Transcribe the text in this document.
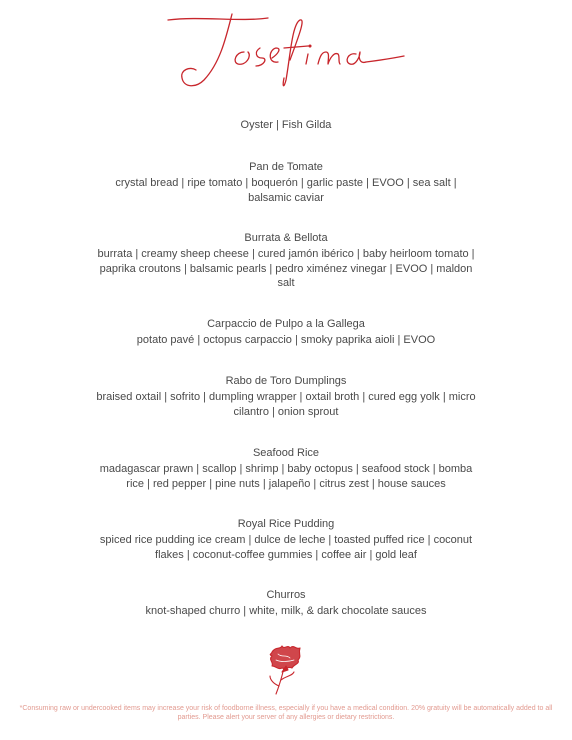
Oyster | Fish Gilda

Pan de Tomate

crystal bread | ripe tomato | boquerón | garlic paste | EVOO | sea salt | balsamic caviar

Burrata & Bellota

burrata | creamy sheep cheese | cured jamón ibérico | baby heirloom tomato | paprika croutons | balsamic pearls | pedro ximénez vinegar | EVOO | maldon salt

Carpaccio de Pulpo a la Gallega

potato pavé | octopus carpaccio | smoky paprika aioli | EVOO

Rabo de Toro Dumplings

braised oxtail | sofrito | dumpling wrapper | oxtail broth | cured egg yolk | micro cilantro | onion sprout

Seafood Rice

madagascar prawn | scallop | shrimp | baby octopus | seafood stock | bomba rice | red pepper | pine nuts | jalapeño | citrus zest | house sauces

Royal Rice Pudding

spiced rice pudding ice cream | dulce de leche | toasted puffed rice | coconut flakes | coconut-coffee gummies | coffee air | gold leaf

Churros

knot-shaped churro | white, milk, & dark chocolate sauces

*Consuming raw or undercooked items may increase your risk of foodborne illness, especially if you have a medical condition. 20% gratuity will be automatically added to all parties. Please alert your server of any allergies or dietary restrictions.
